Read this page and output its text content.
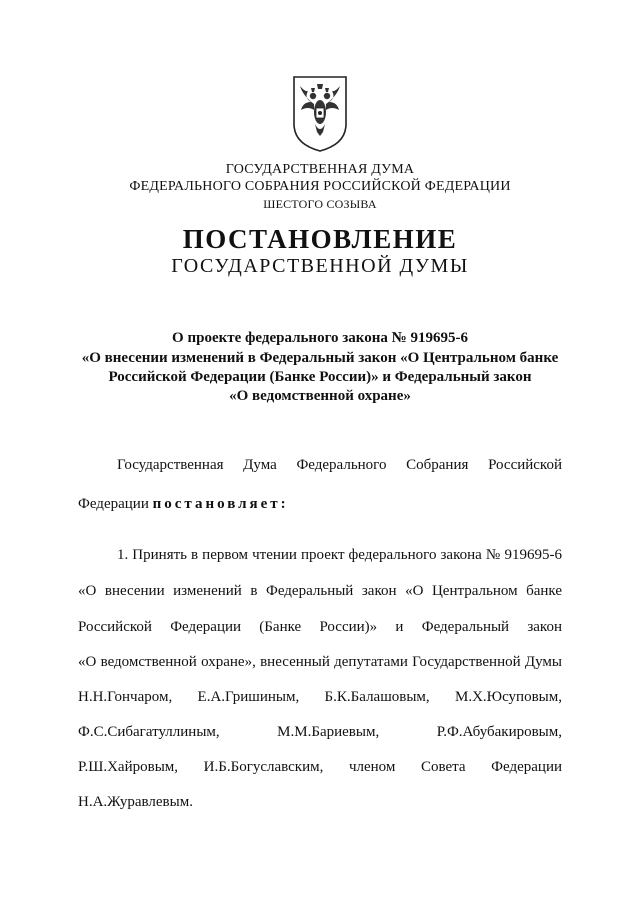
ГОСУДАРСТВЕННАЯ ДУМА
ФЕДЕРАЛЬНОГО СОБРАНИЯ РОССИЙСКОЙ ФЕДЕРАЦИИ
ШЕСТОГО СОЗЫВА
ПОСТАНОВЛЕНИЕ
ГОСУДАРСТВЕННОЙ ДУМЫ
О проекте федерального закона № 919695-6
«О внесении изменений в Федеральный закон «О Центральном банке
Российской Федерации (Банке России)» и Федеральный закон
«О ведомственной охране»
Государственная Дума Федерального Собрания Российской
Федерации постановляет:
1. Принять в первом чтении проект федерального закона № 919695-6
«О внесении изменений в Федеральный закон «О Центральном банке
Российской Федерации (Банке России)» и Федеральный закон
«О ведомственной охране», внесенный депутатами Государственной Думы
Н.Н.Гончаром, Е.А.Гришиным, Б.К.Балашовым, М.Х.Юсуповым,
Ф.С.Сибагатуллиным, М.М.Бариевым, Р.Ф.Абубакировым,
Р.Ш.Хайровым, И.Б.Богуславским, членом Совета Федерации
Н.А.Журавлевым.
